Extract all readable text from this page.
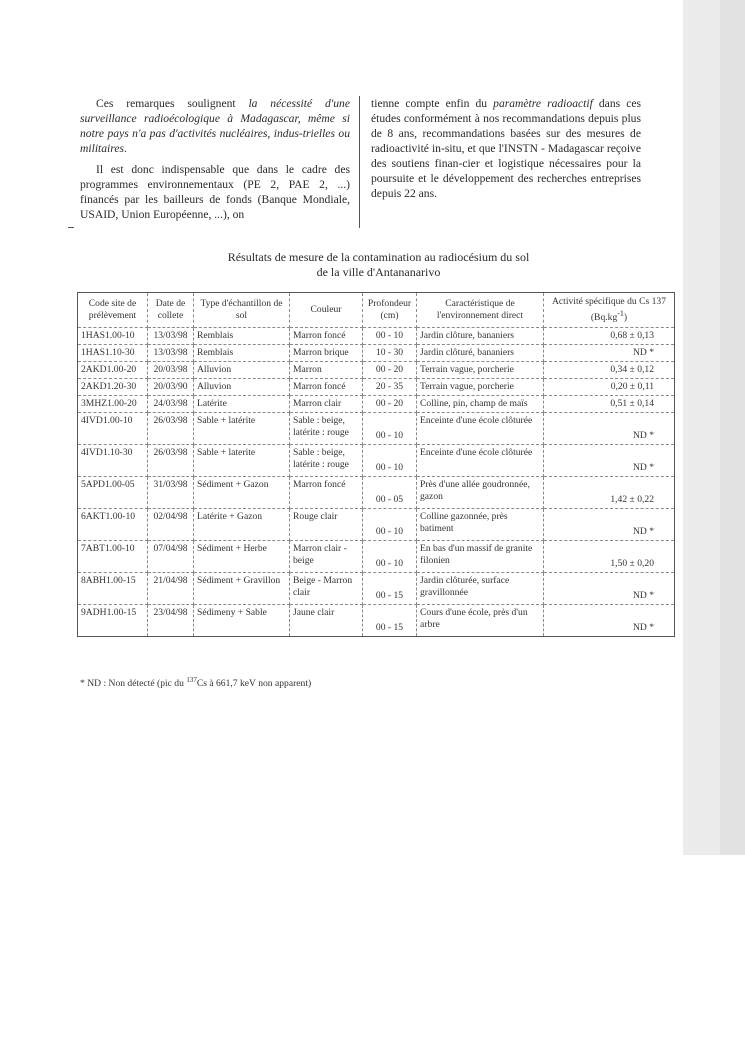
Ces remarques soulignent la nécessité d'une surveillance radioécologique à Madagascar, même si notre pays n'a pas d'activités nucléaires, indus-trielles ou militaires.

Il est donc indispensable que dans le cadre des programmes environnementaux (PE 2, PAE 2, ...) financés par les bailleurs de fonds (Banque Mondiale, USAID, Union Européenne, ...), on

tienne compte enfin du paramètre radioactif dans ces études conformément à nos recommandations depuis plus de 8 ans, recommandations basées sur des mesures de radioactivité in-situ, et que l'INSTN - Madagascar reçoive des soutiens finan-cier et logistique nécessaires pour la poursuite et le développement des recherches entreprises depuis 22 ans.

Résultats de mesure de la contamination au radiocésium du sol
de la ville d'Antananarivo
Code site de prélèvement	Date de collete	Type d'échantillon de sol	Couleur	Profondeur (cm)	Caractéristique de l'environnement direct	Activité spécifique du Cs 137 $(Bq.kg^{-1})$
1HAS1.00-10	13/03/98	Remblais	Marron foncé	00 - 10	Jardin clôture, bananiers	0,68 ± 0,13
1HAS1.10-30	13/03/98	Remblais	Marron brique	10 - 30	Jardin clôturé, bananiers	ND *
2AKD1.00-20	20/03/98	Alluvion	Marron	00 - 20	Terrain vague, porcherie	0,34 ± 0,12
2AKD1.20-30	20/03/90	Alluvion	Marron foncé	20 - 35	Terrain vague, porcherie	0,20 ± 0,11
3MHZ1.00-20	24/03/98	Latérite	Marron clair	00 - 20	Colline, pin, champ de maïs	0,51 ± 0,14
4IVD1.00-10	26/03/98	Sable + latérite	Sable : beige, latérite : rouge	00 - 10	Enceinte d'une école clôturée	ND *
4IVD1.10-30	26/03/98	Sable + laterite	Sable : beige, latérite : rouge	00 - 10	Enceinte d'une école clôturée	ND *
5APD1.00-05	31/03/98	Sédiment + Gazon	Marron foncé	00 - 05	Près d'une allée goudronnée, gazon	1,42 ± 0,22
6AKT1.00-10	02/04/98	Latérite + Gazon	Rouge clair	00 - 10	Colline gazonnée, près batiment	ND *
7ABT1.00-10	07/04/98	Sédiment + Herbe	Marron clair - beige	00 - 10	En bas d'un massif de granite filonien	1,50 ± 0,20
8ABH1.00-15	21/04/98	Sédiment + Gravillon	Beige - Marron clair	00 - 15	Jardin clôturée, surface gravillonnée	ND *
9ADH1.00-15	23/04/98	Sédimeny + Sable	Jaune clair	00 - 15	Cours d'une école, près d'un arbre	ND *
* ND : Non détecté (pic du $^{137}$Cs à 661,7 keV non apparent)
